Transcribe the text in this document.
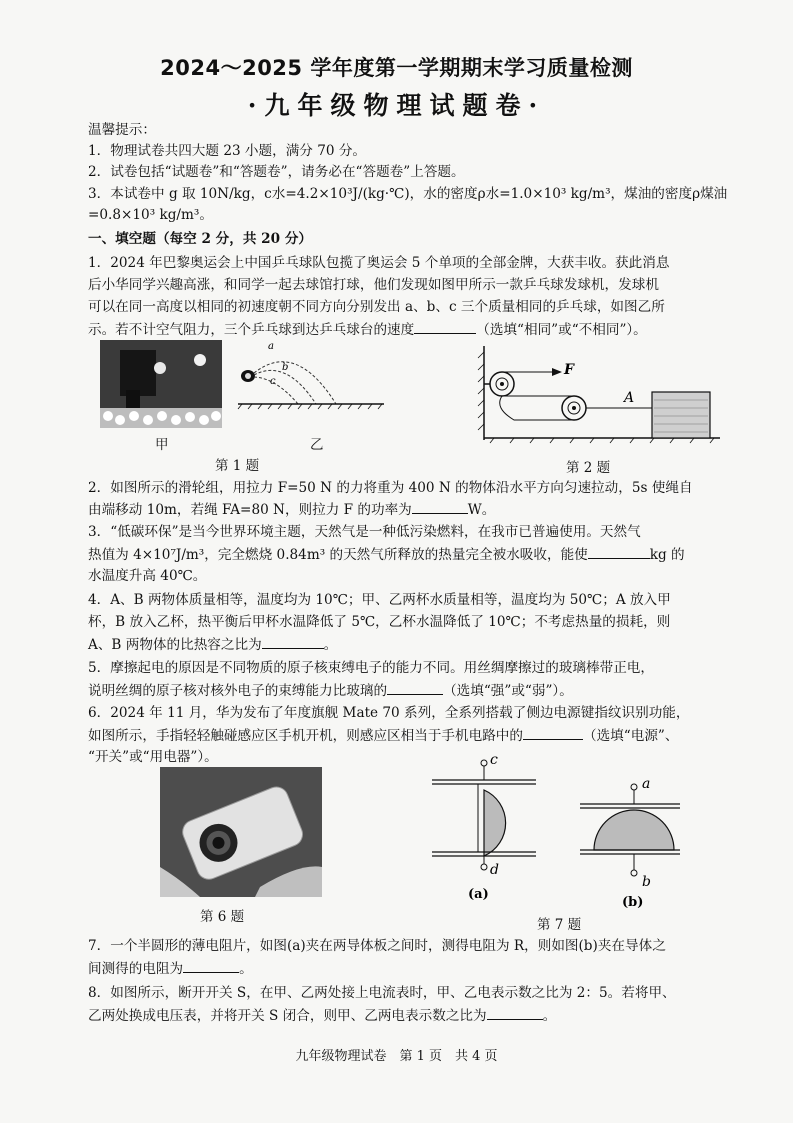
2024～2025 学年度第一学期期末学习质量检测
·九年级物理试题卷·
温馨提示：
1．物理试卷共四大题 23 小题，满分 70 分。
2．试卷包括“试题卷”和“答题卷”，请务必在“答题卷”上答题。
3．本试卷中 g 取 10N/kg，c水=4.2×10³J/(kg·℃)，水的密度ρ水=1.0×10³ kg/m³，煤油的密度ρ煤油
=0.8×10³ kg/m³。
一、填空题（每空 2 分，共 20 分）
1．2024 年巴黎奥运会上中国乒乓球队包揽了奥运会 5 个单项的全部金牌，大获丰收。获此消息
后小华同学兴趣高涨，和同学一起去球馆打球，他们发现如图甲所示一款乒乓球发球机，发球机
可以在同一高度以相同的初速度朝不同方向分别发出 a、b、c 三个质量相同的乒乓球，如图乙所
示。若不计空气阻力，三个乒乓球到达乒乓球台的速度	（选填“相同”或“不相同”）。
甲
a
b
c
乙
第 1 题
F
A
第 2 题
2．如图所示的滑轮组，用拉力 F=50 N 的力将重为 400 N 的物体沿水平方向匀速拉动，5s 使绳自
由端移动 10m，若绳 FA=80 N，则拉力 F 的功率为	W。
3．“低碳环保”是当今世界环境主题，天然气是一种低污染燃料，在我市已普遍使用。天然气
热值为 4×10⁷J/m³，完全燃烧 0.84m³ 的天然气所释放的热量完全被水吸收，能使	kg 的
水温度升高 40℃。
4．A、B 两物体质量相等，温度均为 10℃；甲、乙两杯水质量相等，温度均为 50℃；A 放入甲
杯，B 放入乙杯，热平衡后甲杯水温降低了 5℃，乙杯水温降低了 10℃；不考虑热量的损耗，则
A、B 两物体的比热容之比为	。
5．摩擦起电的原因是不同物质的原子核束缚电子的能力不同。用丝绸摩擦过的玻璃棒带正电，
说明丝绸的原子核对核外电子的束缚能力比玻璃的	（选填“强”或“弱”）。
6．2024 年 11 月，华为发布了年度旗舰 Mate 70 系列，全系列搭载了侧边电源键指纹识别功能，
如图所示，手指轻轻触碰感应区手机开机，则感应区相当于手机电路中的	（选填“电源”、
“开关”或“用电器”）。
第 6 题
c
d
(a)
a
b
(b)
第 7 题
7．一个半圆形的薄电阻片，如图(a)夹在两导体板之间时，测得电阻为 R，则如图(b)夹在导体之
间测得的电阻为	。
8．如图所示，断开开关 S，在甲、乙两处接上电流表时，甲、乙电表示数之比为 2：5。若将甲、
乙两处换成电压表，并将开关 S 闭合，则甲、乙两电表示数之比为	。
九年级物理试卷　第 1 页　共 4 页
